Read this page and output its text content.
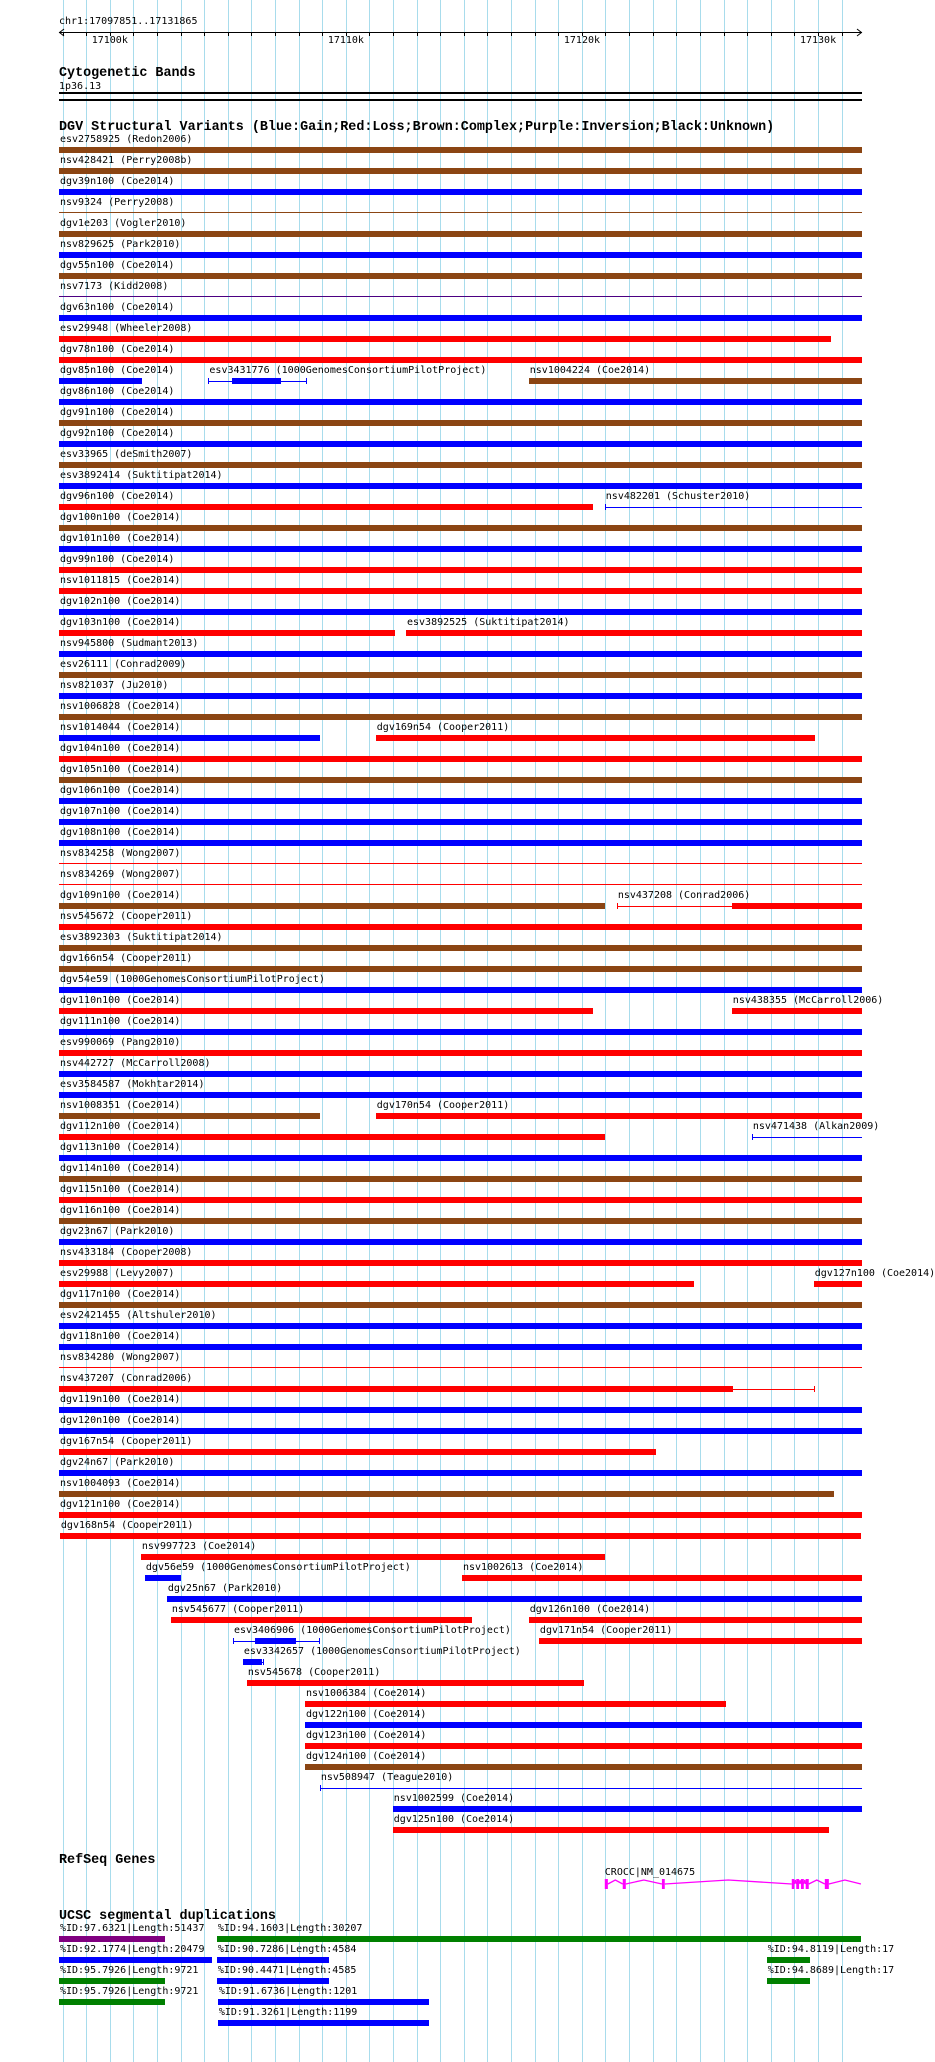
chr1:17097851..17131865
17100k	17110k	17120k	17130k
Cytogenetic Bands
1p36.13
DGV Structural Variants (Blue:Gain;Red:Loss;Brown:Complex;Purple:Inversion;Black:Unknown)
esv2758925 (Redon2006)
nsv428421 (Perry2008b)
dgv39n100 (Coe2014)
nsv9324 (Perry2008)
dgv1e203 (Vogler2010)
nsv829625 (Park2010)
dgv55n100 (Coe2014)
nsv7173 (Kidd2008)
dgv63n100 (Coe2014)
esv29948 (Wheeler2008)
dgv78n100 (Coe2014)
dgv85n100 (Coe2014)	esv3431776 (1000GenomesConsortiumPilotProject)	nsv1004224 (Coe2014)
dgv86n100 (Coe2014)
dgv91n100 (Coe2014)
dgv92n100 (Coe2014)
esv33965 (deSmith2007)
esv3892414 (Suktitipat2014)
dgv96n100 (Coe2014)	nsv482201 (Schuster2010)
dgv100n100 (Coe2014)
dgv101n100 (Coe2014)
dgv99n100 (Coe2014)
nsv1011815 (Coe2014)
dgv102n100 (Coe2014)
dgv103n100 (Coe2014)	esv3892525 (Suktitipat2014)
nsv945800 (Sudmant2013)
esv26111 (Conrad2009)
nsv821037 (Ju2010)
nsv1006828 (Coe2014)
nsv1014044 (Coe2014)	dgv169n54 (Cooper2011)
dgv104n100 (Coe2014)
dgv105n100 (Coe2014)
dgv106n100 (Coe2014)
dgv107n100 (Coe2014)
dgv108n100 (Coe2014)
nsv834258 (Wong2007)
nsv834269 (Wong2007)
dgv109n100 (Coe2014)	nsv437208 (Conrad2006)
nsv545672 (Cooper2011)
esv3892303 (Suktitipat2014)
dgv166n54 (Cooper2011)
dgv54e59 (1000GenomesConsortiumPilotProject)
dgv110n100 (Coe2014)	nsv438355 (McCarroll2006)
dgv111n100 (Coe2014)
esv990069 (Pang2010)
nsv442727 (McCarroll2008)
esv3584587 (Mokhtar2014)
nsv1008351 (Coe2014)	dgv170n54 (Cooper2011)
dgv112n100 (Coe2014)	nsv471438 (Alkan2009)
dgv113n100 (Coe2014)
dgv114n100 (Coe2014)
dgv115n100 (Coe2014)
dgv116n100 (Coe2014)
dgv23n67 (Park2010)
nsv433184 (Cooper2008)
esv29988 (Levy2007)	dgv127n100 (Coe2014)
dgv117n100 (Coe2014)
esv2421455 (Altshuler2010)
dgv118n100 (Coe2014)
nsv834280 (Wong2007)
nsv437207 (Conrad2006)
dgv119n100 (Coe2014)
dgv120n100 (Coe2014)
dgv167n54 (Cooper2011)
dgv24n67 (Park2010)
nsv1004093 (Coe2014)
dgv121n100 (Coe2014)
dgv168n54 (Cooper2011)
nsv997723 (Coe2014)
dgv56e59 (1000GenomesConsortiumPilotProject)	nsv1002613 (Coe2014)
dgv25n67 (Park2010)
nsv545677 (Cooper2011)	dgv126n100 (Coe2014)
esv3406906 (1000GenomesConsortiumPilotProject)	dgv171n54 (Cooper2011)
esv3342657 (1000GenomesConsortiumPilotProject)
nsv545678 (Cooper2011)
nsv1006384 (Coe2014)
dgv122n100 (Coe2014)
dgv123n100 (Coe2014)
dgv124n100 (Coe2014)
nsv508947 (Teague2010)
nsv1002599 (Coe2014)
dgv125n100 (Coe2014)
RefSeq Genes
CROCC|NM_014675
UCSC segmental duplications
%ID:97.6321|Length:51437 %ID:94.1603|Length:30207
%ID:92.1774|Length:20479 %ID:90.7286|Length:4584	%ID:94.8119|Length:17
%ID:95.7926|Length:9721 %ID:90.4471|Length:4585	%ID:94.8689|Length:17
%ID:95.7926|Length:9721 %ID:91.6736|Length:1201
%ID:91.3261|Length:1199
